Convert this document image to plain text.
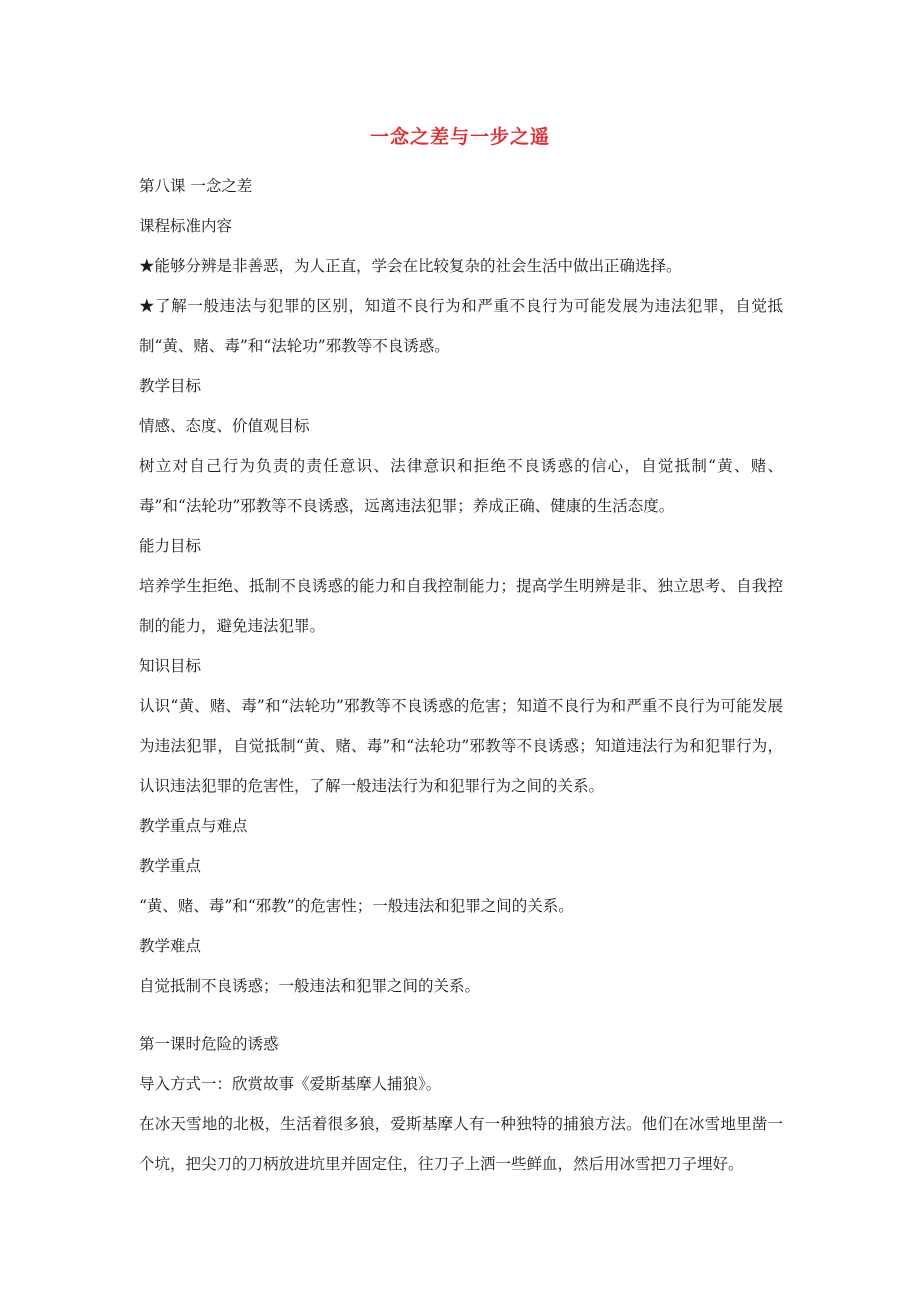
一念之差与一步之遥

第八课 一念之差

课程标准内容

★能够分辨是非善恶，为人正直，学会在比较复杂的社会生活中做出正确选择。

★了解一般违法与犯罪的区别，知道不良行为和严重不良行为可能发展为违法犯罪，自觉抵制“黄、赌、毒”和“法轮功”邪教等不良诱惑。

教学目标

情感、态度、价值观目标

树立对自己行为负责的责任意识、法律意识和拒绝不良诱惑的信心，自觉抵制“黄、赌、毒”和“法轮功”邪教等不良诱惑，远离违法犯罪；养成正确、健康的生活态度。

能力目标

培养学生拒绝、抵制不良诱惑的能力和自我控制能力；提高学生明辨是非、独立思考、自我控制的能力，避免违法犯罪。

知识目标

认识“黄、赌、毒”和“法轮功”邪教等不良诱惑的危害；知道不良行为和严重不良行为可能发展为违法犯罪，自觉抵制“黄、赌、毒”和“法轮功”邪教等不良诱惑；知道违法行为和犯罪行为，认识违法犯罪的危害性，了解一般违法行为和犯罪行为之间的关系。

教学重点与难点

教学重点

“黄、赌、毒”和“邪教”的危害性；一般违法和犯罪之间的关系。

教学难点

自觉抵制不良诱惑；一般违法和犯罪之间的关系。

第一课时危险的诱惑

导入方式一：欣赏故事《爱斯基摩人捕狼》。

在冰天雪地的北极，生活着很多狼，爱斯基摩人有一种独特的捕狼方法。他们在冰雪地里凿一个坑，把尖刀的刀柄放进坑里并固定住，往刀子上洒一些鲜血，然后用冰雪把刀子埋好。
